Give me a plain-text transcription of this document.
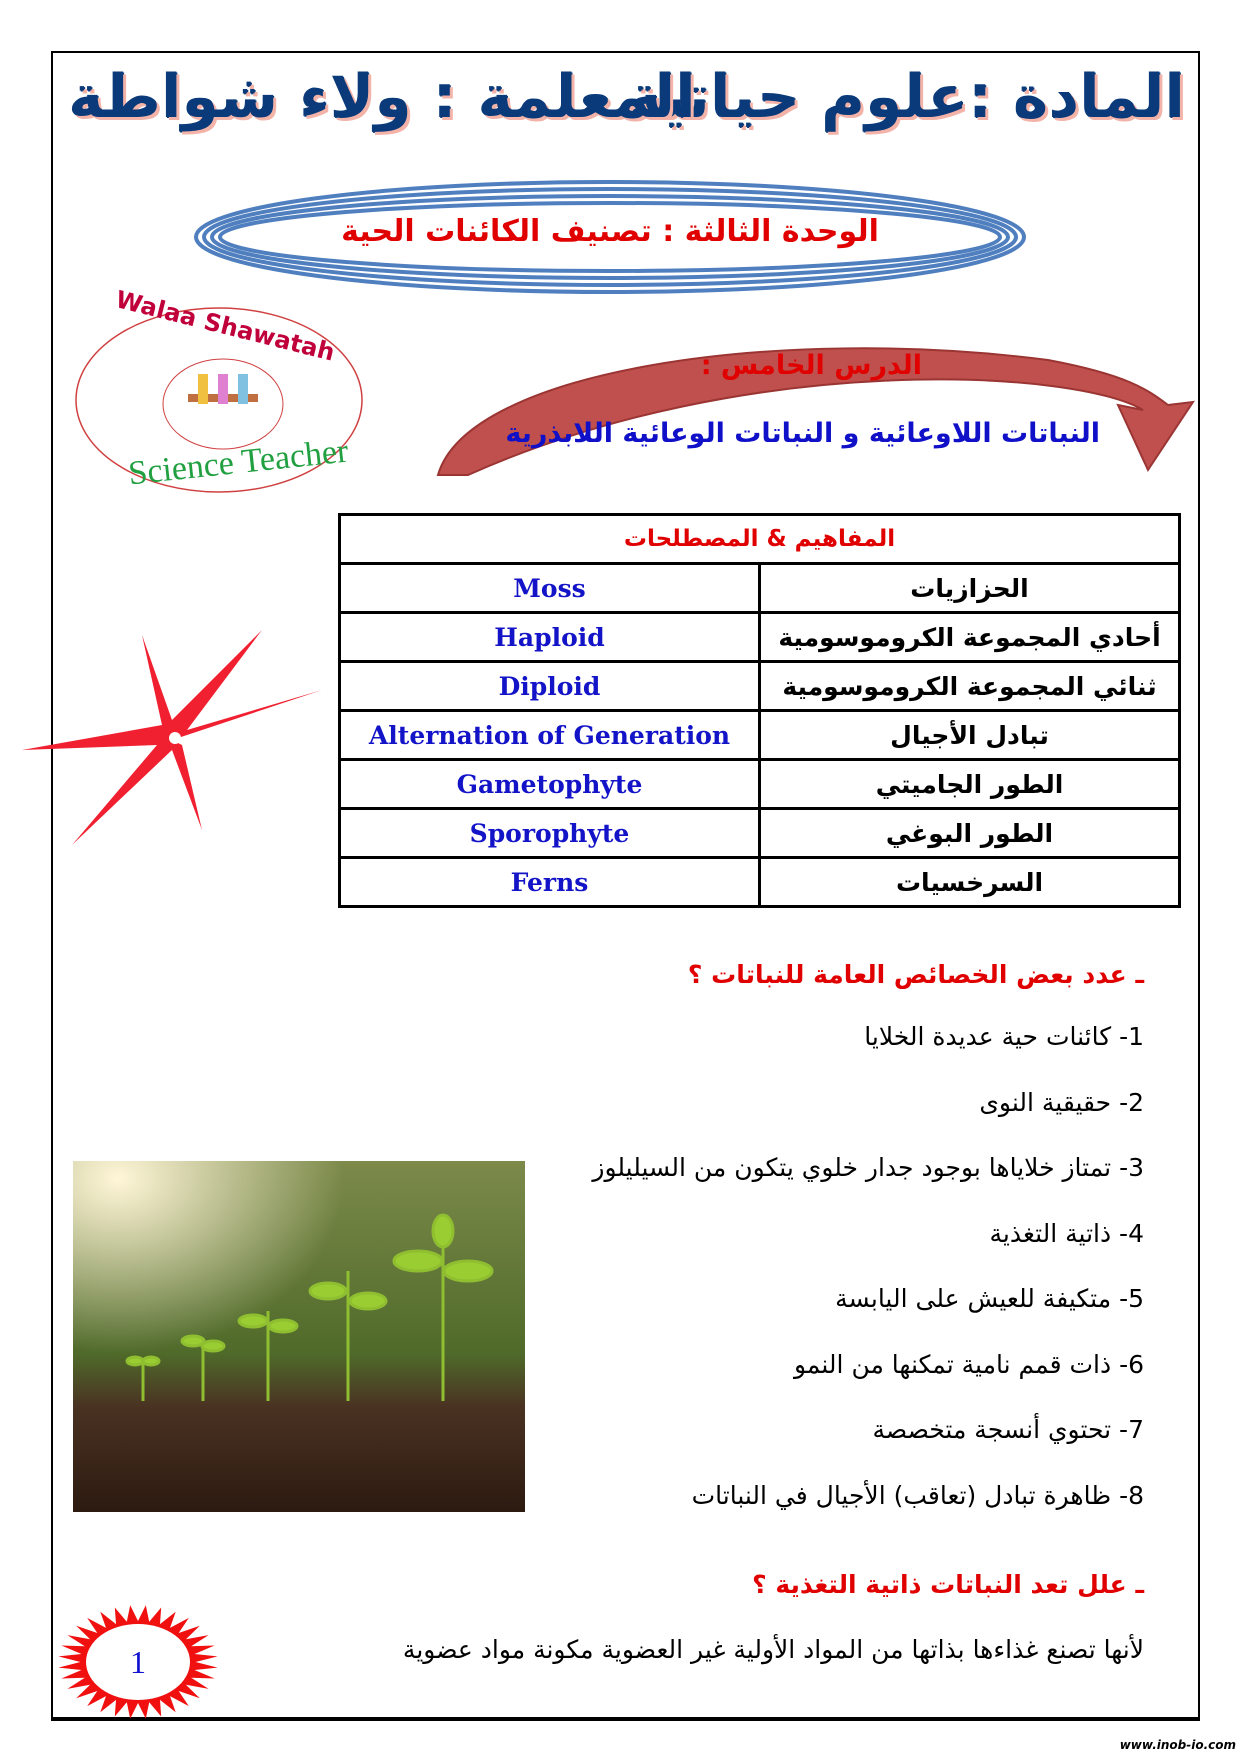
المادة :علوم حياتية
المعلمة : ولاء شواطة
الوحدة الثالثة : تصنيف الكائنات الحية
Walaa Shawatah
Science Teacher
الدرس الخامس :
النباتات اللاوعائية و النباتات الوعائية اللابذرية
المفاهيم & المصطلحات	
Moss	الحزازيات
Haploid	أحادي المجموعة الكروموسومية
Diploid	ثنائي المجموعة الكروموسومية
Alternation of Generation	تبادل الأجيال
Gametophyte	الطور الجاميتي
Sporophyte	الطور البوغي
Ferns	السرخسيات
ـ عدد بعض الخصائص العامة للنباتات ؟
1- كائنات حية عديدة الخلايا
2- حقيقية النوى
3- تمتاز خلاياها بوجود جدار خلوي يتكون من السيليلوز
4- ذاتية التغذية
5- متكيفة للعيش على اليابسة
6- ذات قمم نامية تمكنها من النمو
7- تحتوي أنسجة متخصصة
8- ظاهرة تبادل (تعاقب) الأجيال في النباتات
ـ علل تعد النباتات ذاتية التغذية ؟
لأنها تصنع غذاءها بذاتها من المواد الأولية غير العضوية مكونة مواد عضوية
1
www.inob-io.com
